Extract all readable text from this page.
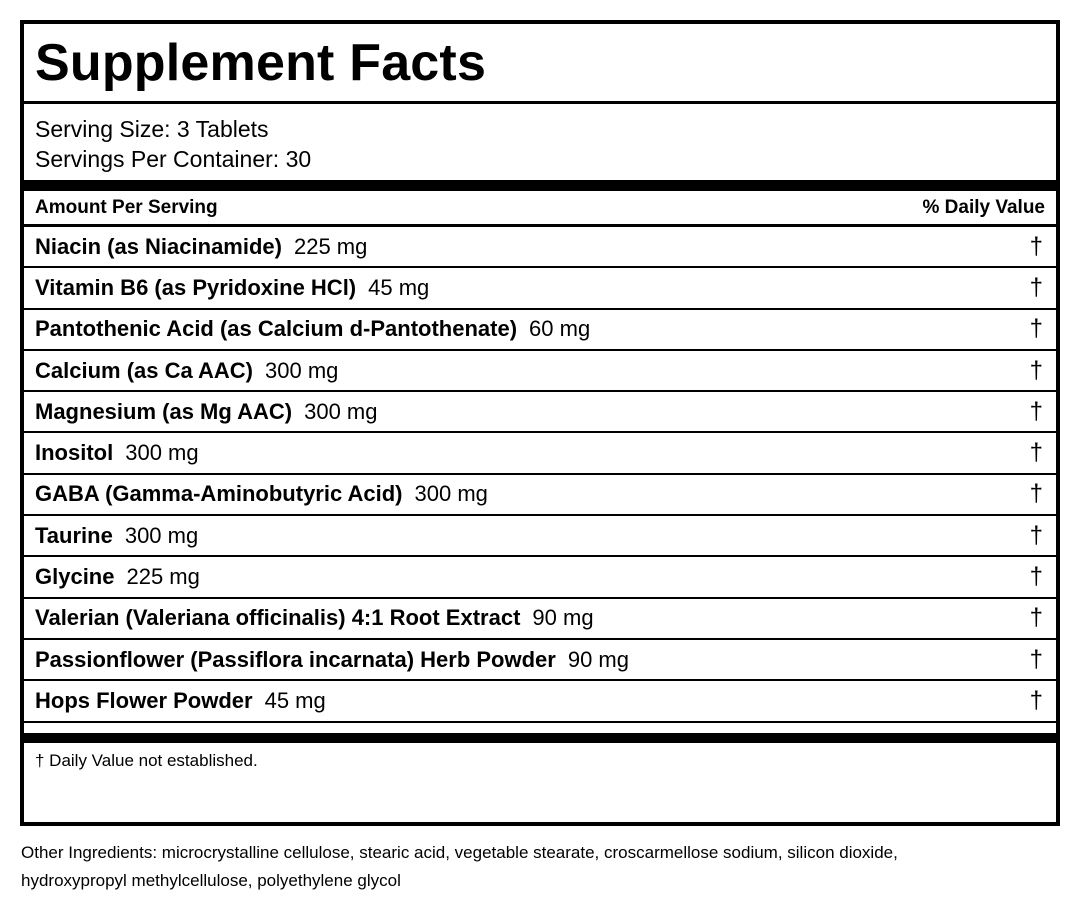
Supplement Facts
Serving Size: 3 Tablets
Servings Per Container: 30
Amount Per Serving	% Daily Value
Niacin (as Niacinamide) 225 mg	†
Vitamin B6 (as Pyridoxine HCl) 45 mg	†
Pantothenic Acid (as Calcium d-Pantothenate) 60 mg	†
Calcium (as Ca AAC) 300 mg	†
Magnesium (as Mg AAC) 300 mg	†
Inositol 300 mg	†
GABA (Gamma-Aminobutyric Acid) 300 mg	†
Taurine 300 mg	†
Glycine 225 mg	†
Valerian (Valeriana officinalis) 4:1 Root Extract 90 mg	†
Passionflower (Passiflora incarnata) Herb Powder 90 mg	†
Hops Flower Powder 45 mg	†
† Daily Value not established.
Other Ingredients: microcrystalline cellulose, stearic acid, vegetable stearate, croscarmellose sodium, silicon dioxide,
hydroxypropyl methylcellulose, polyethylene glycol
